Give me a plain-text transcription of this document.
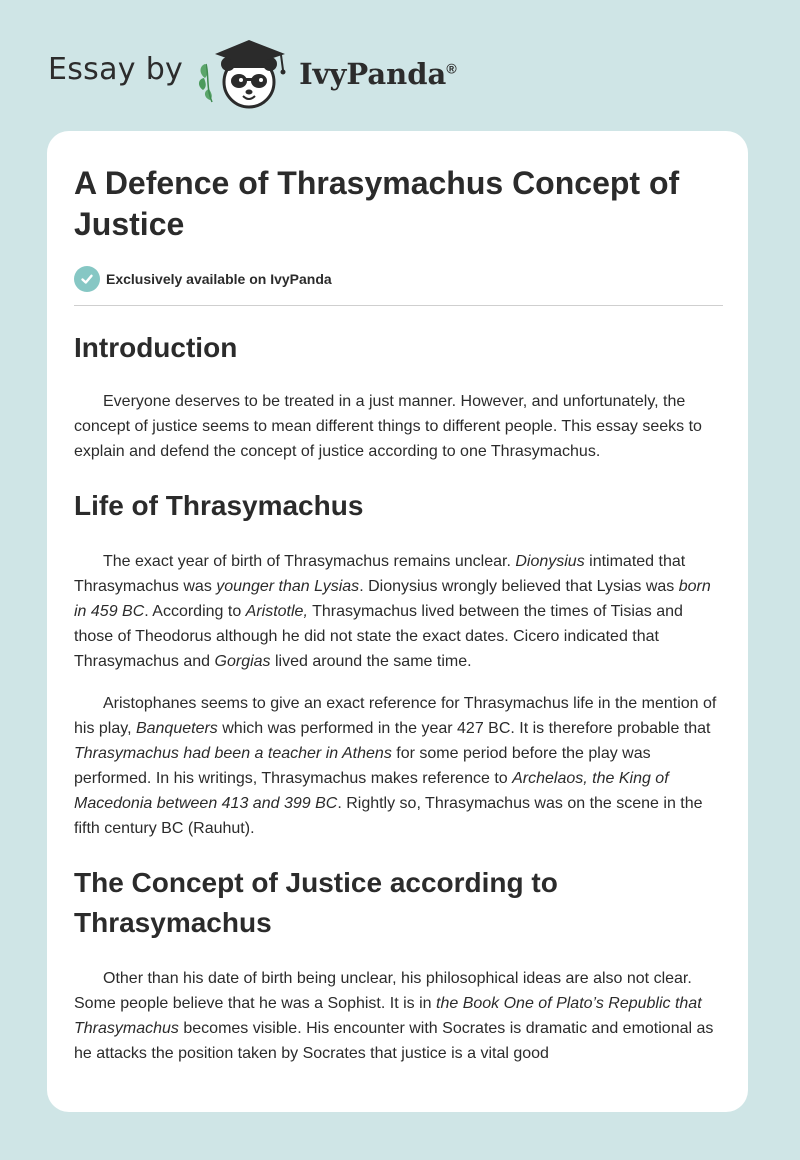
Essay by	IvyPanda®
A Defence of Thrasymachus Concept of Justice
Exclusively available on IvyPanda
Introduction

Everyone deserves to be treated in a just manner. However, and unfortunately, the concept of justice seems to mean different things to different people. This essay seeks to explain and defend the concept of justice according to one Thrasymachus.

Life of Thrasymachus

The exact year of birth of Thrasymachus remains unclear. Dionysius intimated that Thrasymachus was younger than Lysias. Dionysius wrongly believed that Lysias was born in 459 BC. According to Aristotle, Thrasymachus lived between the times of Tisias and those of Theodorus although he did not state the exact dates. Cicero indicated that Thrasymachus and Gorgias lived around the same time.

Aristophanes seems to give an exact reference for Thrasymachus life in the mention of his play, Banqueters which was performed in the year 427 BC. It is therefore probable that Thrasymachus had been a teacher in Athens for some period before the play was performed. In his writings, Thrasymachus makes reference to Archelaos, the King of Macedonia between 413 and 399 BC. Rightly so, Thrasymachus was on the scene in the fifth century BC (Rauhut).

The Concept of Justice according to Thrasymachus

Other than his date of birth being unclear, his philosophical ideas are also not clear. Some people believe that he was a Sophist. It is in the Book One of Plato’s Republic that Thrasymachus becomes visible. His encounter with Socrates is dramatic and emotional as he attacks the position taken by Socrates that justice is a vital good
